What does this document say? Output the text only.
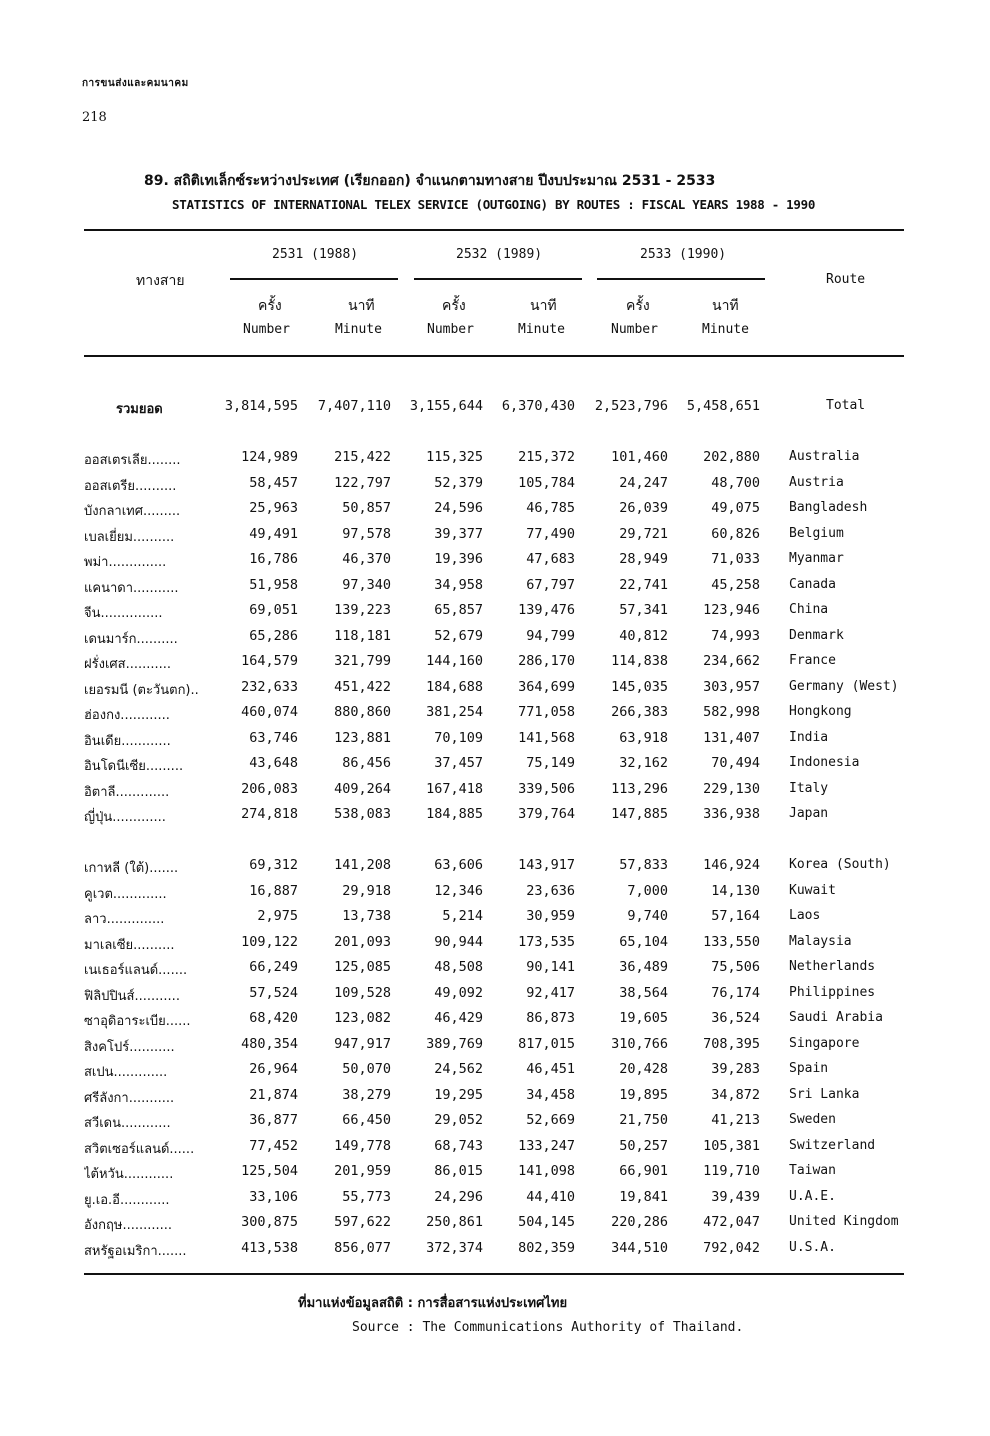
การขนส่งและคมนาคม
218
89. สถิติเทเล็กซ์ระหว่างประเทศ (เรียกออก) จำแนกตามทางสาย ปีงบประมาณ 2531 - 2533
STATISTICS OF INTERNATIONAL TELEX SERVICE (OUTGOING) BY ROUTES : FISCAL YEARS 1988 - 1990
ทางสาย	Route
2531 (1988)	2532 (1989)	2533 (1990)
ครั้ง
Number
นาที
Minute
ครั้ง
Number
นาที
Minute
ครั้ง
Number
นาที
Minute
รวมยอด	3,814,595 7,407,110 3,155,644 6,370,430 2,523,796 5,458,651	Total
ออสเตรเลีย........	124,989	215,422	115,325	215,372	101,460	202,880 Australia
ออสเตรีย..........	58,457	122,797	52,379	105,784	24,247	48,700 Austria
บังกลาเทศ.........	25,963	50,857	24,596	46,785	26,039	49,075 Bangladesh
เบลเยี่ยม..........	49,491	97,578	39,377	77,490	29,721	60,826 Belgium
พม่า..............	16,786	46,370	19,396	47,683	28,949	71,033 Myanmar
แคนาดา...........	51,958	97,340	34,958	67,797	22,741	45,258 Canada
จีน...............	69,051	139,223	65,857	139,476	57,341	123,946 China
เดนมาร์ก..........	65,286	118,181	52,679	94,799	40,812	74,993 Denmark
ฝรั่งเศส...........	164,579	321,799	144,160	286,170	114,838	234,662 France
เยอรมนี (ตะวันตก)..	232,633	451,422	184,688	364,699	145,035	303,957 Germany (West)
ฮ่องกง............	460,074	880,860	381,254	771,058	266,383	582,998 Hongkong
อินเดีย............	63,746	123,881	70,109	141,568	63,918	131,407 India
อินโดนีเซีย.........	43,648	86,456	37,457	75,149	32,162	70,494 Indonesia
อิตาลี.............	206,083	409,264	167,418	339,506	113,296	229,130 Italy
ญี่ปุ่น.............	274,818	538,083	184,885	379,764	147,885	336,938 Japan
เกาหลี (ใต้).......	69,312	141,208	63,606	143,917	57,833	146,924 Korea (South)
คูเวต.............	16,887	29,918	12,346	23,636	7,000	14,130 Kuwait
ลาว..............	2,975	13,738	5,214	30,959	9,740	57,164 Laos
มาเลเซีย..........	109,122	201,093	90,944	173,535	65,104	133,550 Malaysia
เนเธอร์แลนด์.......	66,249	125,085	48,508	90,141	36,489	75,506 Netherlands
ฟิลิปปินส์...........	57,524	109,528	49,092	92,417	38,564	76,174 Philippines
ซาอุดิอาระเบีย......	68,420	123,082	46,429	86,873	19,605	36,524 Saudi Arabia
สิงคโปร์...........	480,354	947,917	389,769	817,015	310,766	708,395 Singapore
สเปน.............	26,964	50,070	24,562	46,451	20,428	39,283 Spain
ศรีลังกา...........	21,874	38,279	19,295	34,458	19,895	34,872 Sri Lanka
สวีเดน............	36,877	66,450	29,052	52,669	21,750	41,213 Sweden
สวิตเซอร์แลนด์......	77,452	149,778	68,743	133,247	50,257	105,381 Switzerland
ไต้หวัน............	125,504	201,959	86,015	141,098	66,901	119,710 Taiwan
ยู.เอ.อี............	33,106	55,773	24,296	44,410	19,841	39,439 U.A.E.
อังกฤษ............	300,875	597,622	250,861	504,145	220,286	472,047 United Kingdom
สหรัฐอเมริกา.......	413,538	856,077	372,374	802,359	344,510	792,042 U.S.A.
ที่มาแห่งข้อมูลสถิติ : การสื่อสารแห่งประเทศไทย
Source : The Communications Authority of Thailand.
